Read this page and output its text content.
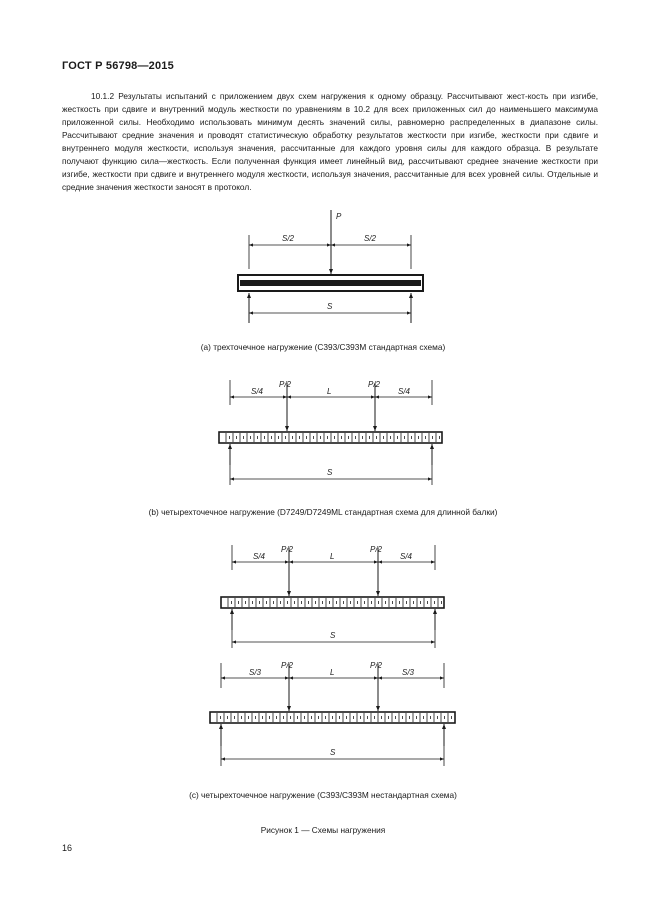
ГОСТ Р 56798—2015
10.1.2 Результаты испытаний с приложением двух схем нагружения к одному образцу. Рассчитывают жест-кость при изгибе, жесткость при сдвиге и внутренний модуль жесткости по уравнениям в 10.2 для всех приложенных сил до наименьшего максимума приложенной силы. Необходимо использовать минимум десять значений силы, равномерно распределенных в диапазоне силы. Рассчитывают средние значения и проводят статистическую обработку результатов жесткости при изгибе, жесткости при сдвиге и внутреннего модуля жесткости, используя значения, рассчитанные для каждого уровня силы для каждого образца. В результате получают функцию сила—жесткость. Если полученная функция имеет линейный вид, рассчитывают среднее значение жесткости при изгибе, жесткости при сдвиге и внутреннего модуля жесткости, используя значения, рассчитанные для всех уровней силы. Отдельные и средние значения жесткости заносят в протокол.
P
S/2	S/2
S
(a) трехточечное нагружение (C393/C393M стандартная схема)
S/4	L	S/4
P/2	P/2
S
(b) четырехточечное нагружение (D7249/D7249ML стандартная схема для длинной балки)
S/4	L	S/4
P/2	P/2
S
S/3	L	S/3
P/2	P/2
S
(c) четырехточечное нагружение (C393/C393M нестандартная схема)
Рисунок 1 — Схемы нагружения
16
